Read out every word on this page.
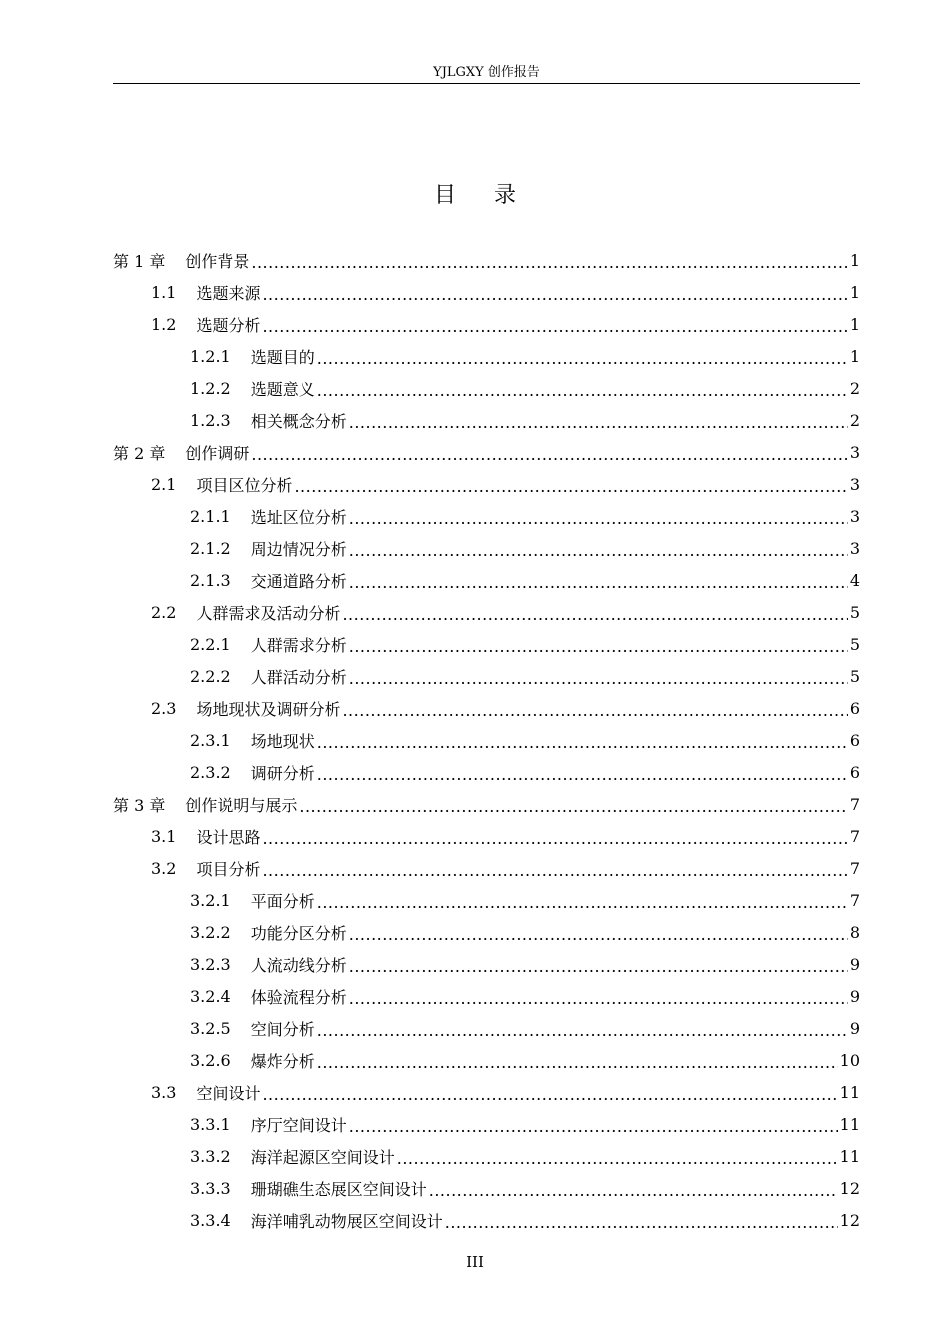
YJLGXY 创作报告
目录
第 1 章 创作背景 .....	1
1.1 选题来源 .....	1
1.2 选题分析 .....	1
1.2.1 选题目的 .....	1
1.2.2 选题意义 .....	2
1.2.3 相关概念分析 .....	2
第 2 章 创作调研 .....	3
2.1 项目区位分析 .....	3
2.1.1 选址区位分析 .....	3
2.1.2 周边情况分析 .....	3
2.1.3 交通道路分析 .....	4
2.2 人群需求及活动分析 .....	5
2.2.1 人群需求分析 .....	5
2.2.2 人群活动分析 .....	5
2.3 场地现状及调研分析 .....	6
2.3.1 场地现状 .....	6
2.3.2 调研分析 .....	6
第 3 章 创作说明与展示 .....	7
3.1 设计思路 .....	7
3.2 项目分析 .....	7
3.2.1 平面分析 .....	7
3.2.2 功能分区分析 .....	8
3.2.3 人流动线分析 .....	9
3.2.4 体验流程分析 .....	9
3.2.5 空间分析 .....	9
3.2.6 爆炸分析 .....	10
3.3 空间设计 .....	11
3.3.1 序厅空间设计 .....	11
3.3.2 海洋起源区空间设计 .....	11
3.3.3 珊瑚礁生态展区空间设计 .....	12
3.3.4 海洋哺乳动物展区空间设计 .....	12
III
